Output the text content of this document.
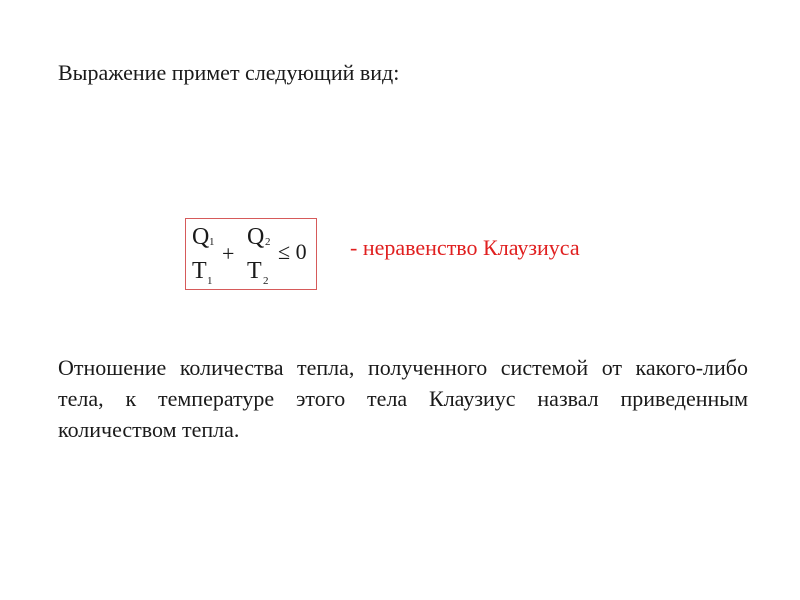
Выражение примет следующий вид:
Q 1
T 1
+
Q 2
T 2
≤ 0 - неравенство Клаузиуса
Отношение количества тепла, полученного системой от какого-либо тела, к температуре этого тела Клаузиус назвал приведенным количеством тепла.
